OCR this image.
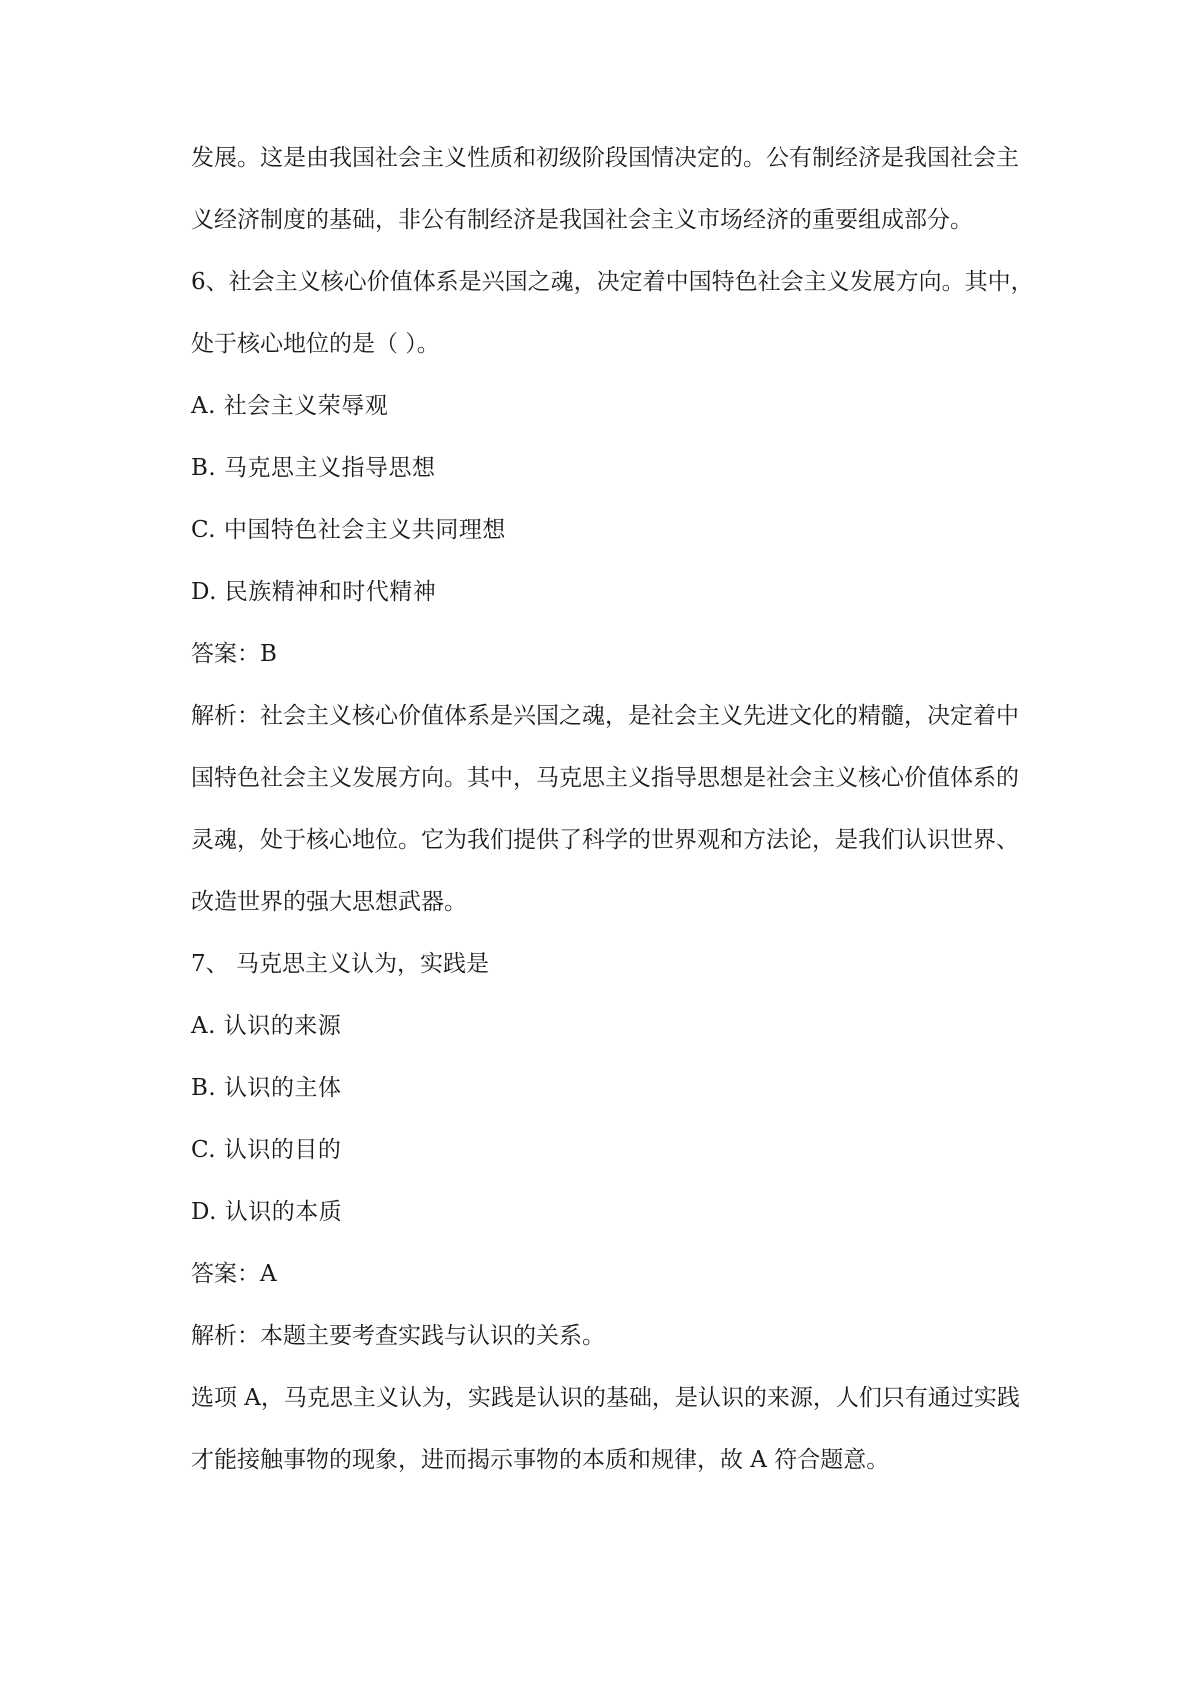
发展。这是由我国社会主义性质和初级阶段国情决定的。公有制经济是我国社会主
义经济制度的基础，非公有制经济是我国社会主义市场经济的重要组成部分。
6、社会主义核心价值体系是兴国之魂，决定着中国特色社会主义发展方向。其中，
处于核心地位的是（ ）。
A. 社会主义荣辱观
B. 马克思主义指导思想
C. 中国特色社会主义共同理想
D. 民族精神和时代精神
答案：B
解析：社会主义核心价值体系是兴国之魂，是社会主义先进文化的精髓，决定着中
国特色社会主义发展方向。其中，马克思主义指导思想是社会主义核心价值体系的
灵魂，处于核心地位。它为我们提供了科学的世界观和方法论，是我们认识世界、
改造世界的强大思想武器。
7、 马克思主义认为，实践是
A. 认识的来源
B. 认识的主体
C. 认识的目的
D. 认识的本质
答案：A
解析：本题主要考查实践与认识的关系。
选项 A，马克思主义认为，实践是认识的基础，是认识的来源，人们只有通过实践
才能接触事物的现象，进而揭示事物的本质和规律，故 A 符合题意。
